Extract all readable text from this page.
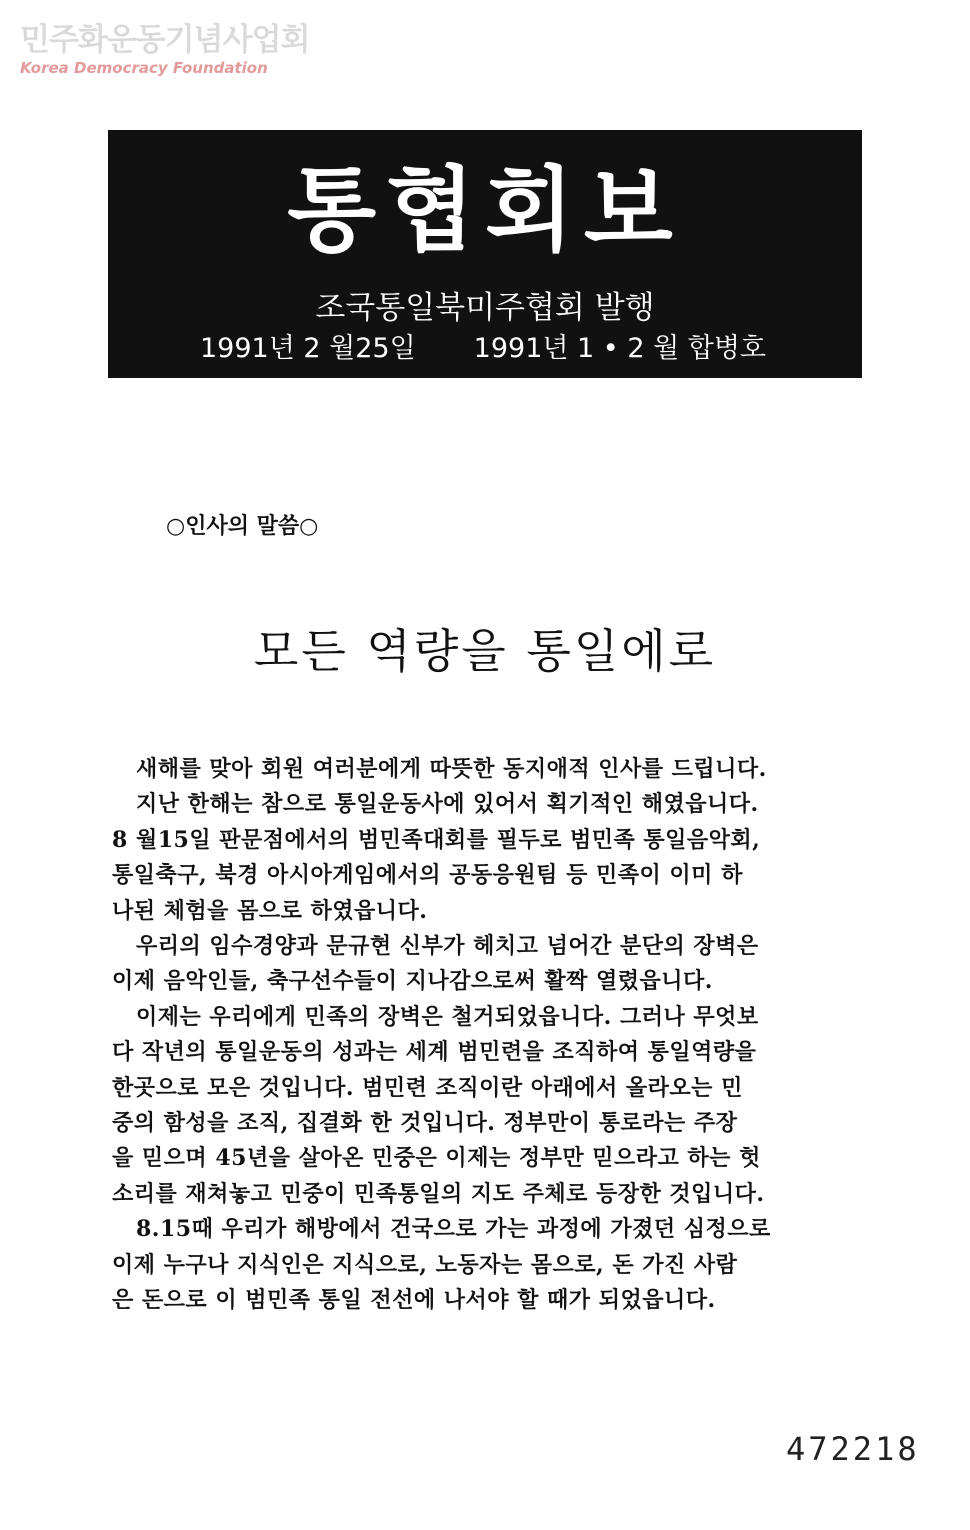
민주화운동기념사업회
Korea Democracy Foundation
통협회보
조국통일북미주협회 발행
1991년 2 월25일 1991년 1 • 2 월 합병호
○인사의 말씀○
모든 역량을 통일에로
새해를 맞아 회원 여러분에게 따뜻한 동지애적 인사를 드립니다.
지난 한해는 참으로 통일운동사에 있어서 획기적인 해였읍니다.
8 월15일 판문점에서의 범민족대회를 필두로 범민족 통일음악회,
통일축구, 북경 아시아게임에서의 공동응원팀 등 민족이 이미 하
나된 체험을 몸으로 하였읍니다.
우리의 임수경양과 문규현 신부가 헤치고 넘어간 분단의 장벽은
이제 음악인들, 축구선수들이 지나감으로써 활짝 열렸읍니다.
이제는 우리에게 민족의 장벽은 철거되었읍니다. 그러나 무엇보
다 작년의 통일운동의 성과는 세계 범민련을 조직하여 통일역량을
한곳으로 모은 것입니다. 범민련 조직이란 아래에서 올라오는 민
중의 함성을 조직, 집결화 한 것입니다. 정부만이 통로라는 주장
을 믿으며 45년을 살아온 민중은 이제는 정부만 믿으라고 하는 헛
소리를 재쳐놓고 민중이 민족통일의 지도 주체로 등장한 것입니다.
8.15때 우리가 해방에서 건국으로 가는 과정에 가졌던 심정으로
이제 누구나 지식인은 지식으로, 노동자는 몸으로, 돈 가진 사람
은 돈으로 이 범민족 통일 전선에 나서야 할 때가 되었읍니다.
472218
